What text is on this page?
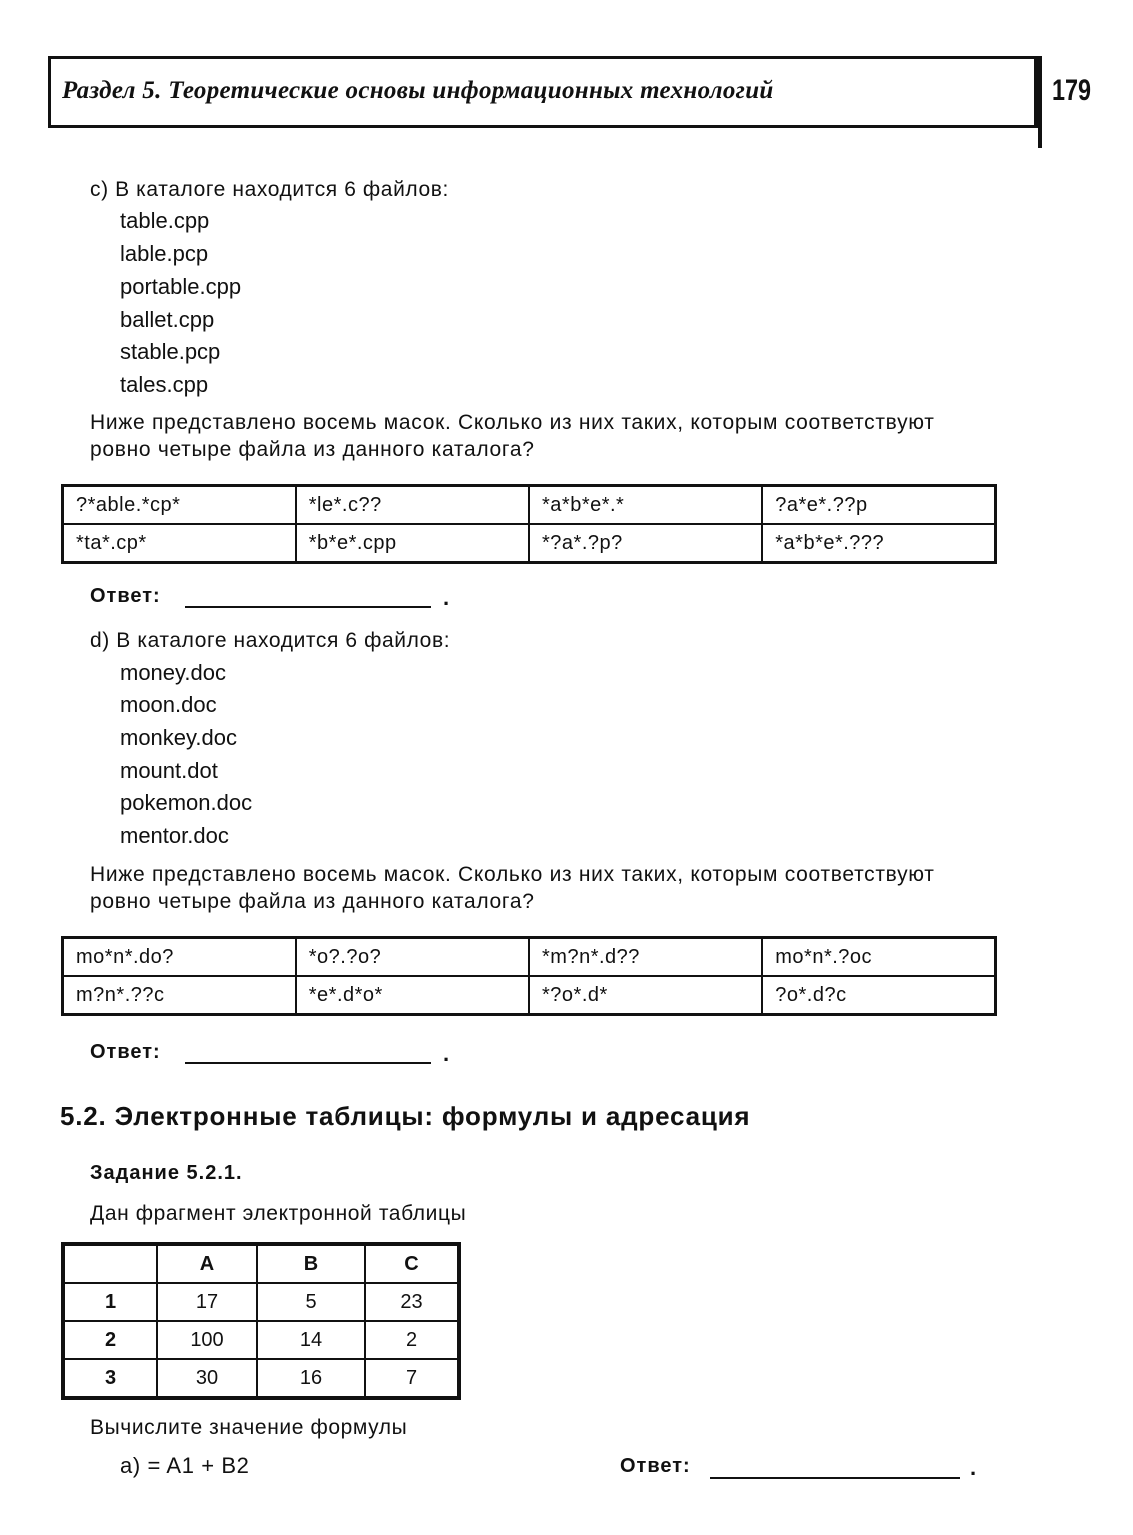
Раздел 5. Теоретические основы информационных технологий	179
c) В каталоге находится 6 файлов:
table.cpp
lable.pcp
portable.cpp
ballet.cpp
stable.pcp
tales.cpp
Ниже представлено восемь масок. Сколько из них таких, которым соответствуют
ровно четыре файла из данного каталога?
?*able.*cp*	*le*.c??	*a*b*e*.*	?a*e*.??p
*ta*.cp*	*b*e*.cpp	*?a*.?p?	*a*b*e*.???
Ответ:	.
d) В каталоге находится 6 файлов:
money.doc
moon.doc
monkey.doc
mount.dot
pokemon.doc
mentor.doc
Ниже представлено восемь масок. Сколько из них таких, которым соответствуют
ровно четыре файла из данного каталога?
mo*n*.do?	*o?.?o?	*m?n*.d??	mo*n*.?oc
m?n*.??c	*e*.d*o*	*?o*.d*	?o*.d?c
Ответ:	.
5.2. Электронные таблицы: формулы и адресация
Задание 5.2.1.
Дан фрагмент электронной таблицы
	A	B	C
1	17	5	23
2	100	14	2
3	30	16	7
Вычислите значение формулы
a) = A1 + B2	Ответ:	.
